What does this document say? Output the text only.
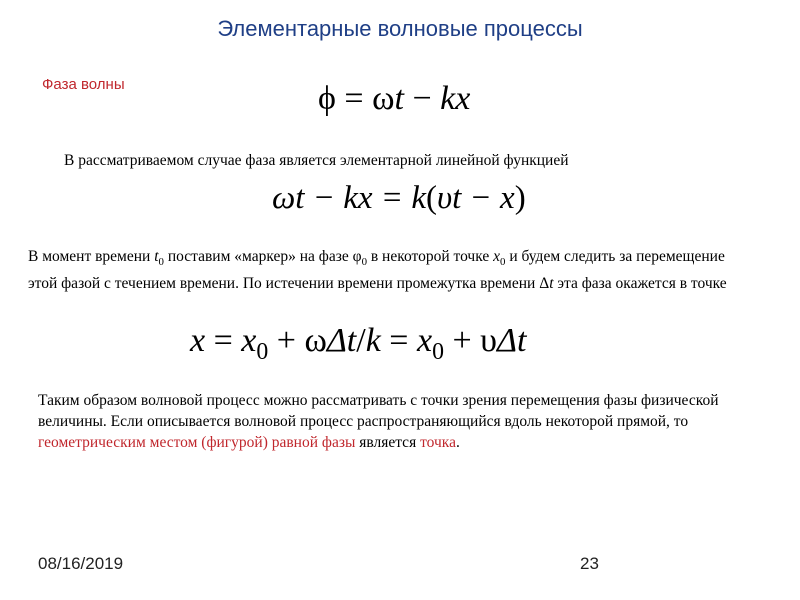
Элементарные волновые процессы
Фаза волны	ϕ = ωt − kx
В рассматриваемом случае фаза является элементарной линейной функцией
ωt − kx = k(υt − x)
В момент времени $t_0$ поставим «маркер» на фазе $\varphi_0$ в некоторой точке $x_0$ и будем следить за перемещение этой фазой с течением времени. По истечении времени промежутка времени Δt эта фаза окажется в точке
$x = x_0 + \omega\Delta t/k = x_0 + \upsilon\Delta t$
Таким образом волновой процесс можно рассматривать с точки зрения перемещения фазы физической величины. Если описывается волновой процесс распространяющийся вдоль некоторой прямой, то геометрическим местом (фигурой) равной фазы является точка.
08/16/2019	23
